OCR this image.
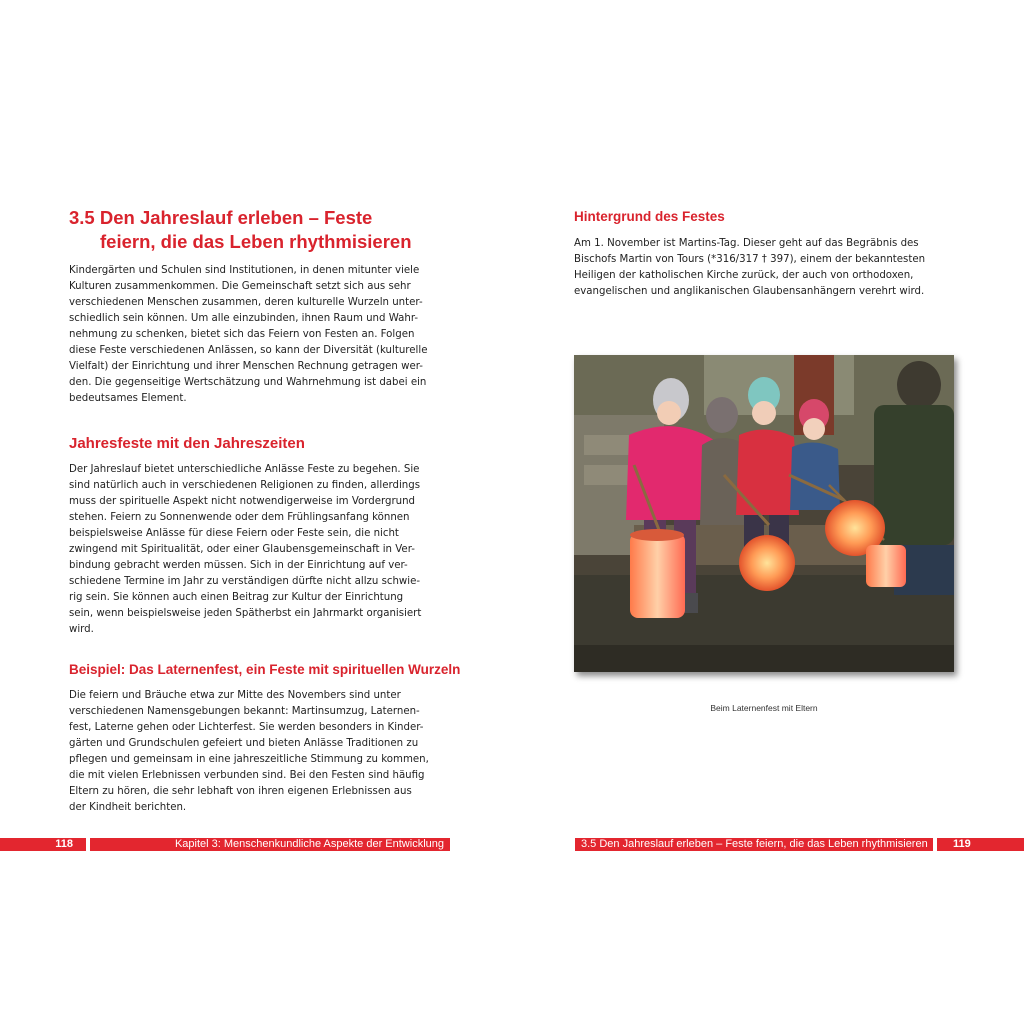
3.5 Den Jahreslauf erleben – Feste
feiern, die das Leben rhythmisieren
Kindergärten und Schulen sind Institutionen, in denen mitunter viele
Kulturen zusammenkommen. Die Gemeinschaft setzt sich aus sehr
verschiedenen Menschen zusammen, deren kulturelle Wurzeln unter-
schiedlich sein können. Um alle einzubinden, ihnen Raum und Wahr-
nehmung zu schenken, bietet sich das Feiern von Festen an. Folgen
diese Feste verschiedenen Anlässen, so kann der Diversität (kulturelle
Vielfalt) der Einrichtung und ihrer Menschen Rechnung getragen wer-
den. Die gegenseitige Wertschätzung und Wahrnehmung ist dabei ein
bedeutsames Element.
Jahresfeste mit den Jahreszeiten
Der Jahreslauf bietet unterschiedliche Anlässe Feste zu begehen. Sie
sind natürlich auch in verschiedenen Religionen zu finden, allerdings
muss der spirituelle Aspekt nicht notwendigerweise im Vordergrund
stehen. Feiern zu Sonnenwende oder dem Frühlingsanfang können
beispielsweise Anlässe für diese Feiern oder Feste sein, die nicht
zwingend mit Spiritualität, oder einer Glaubensgemeinschaft in Ver-
bindung gebracht werden müssen. Sich in der Einrichtung auf ver-
schiedene Termine im Jahr zu verständigen dürfte nicht allzu schwie-
rig sein. Sie können auch einen Beitrag zur Kultur der Einrichtung
sein, wenn beispielsweise jeden Spätherbst ein Jahrmarkt organisiert
wird.
Beispiel: Das Laternenfest, ein Feste mit spirituellen Wurzeln
Die feiern und Bräuche etwa zur Mitte des Novembers sind unter
verschiedenen Namensgebungen bekannt: Martinsumzug, Laternen-
fest, Laterne gehen oder Lichterfest. Sie werden besonders in Kinder-
gärten und Grundschulen gefeiert und bieten Anlässe Traditionen zu
pflegen und gemeinsam in eine jahreszeitliche Stimmung zu kommen,
die mit vielen Erlebnissen verbunden sind. Bei den Festen sind häufig
Eltern zu hören, die sehr lebhaft von ihren eigenen Erlebnissen aus
der Kindheit berichten.
118	Kapitel 3: Menschenkundliche Aspekte der Entwicklung
Hintergrund des Festes
Am 1. November ist Martins-Tag. Dieser geht auf das Begräbnis des
Bischofs Martin von Tours (*316/317 † 397), einem der bekanntesten
Heiligen der katholischen Kirche zurück, der auch von orthodoxen,
evangelischen und anglikanischen Glaubensanhängern verehrt wird.
Beim Laternenfest mit Eltern
3.5 Den Jahreslauf erleben – Feste feiern, die das Leben rhythmisieren	119
